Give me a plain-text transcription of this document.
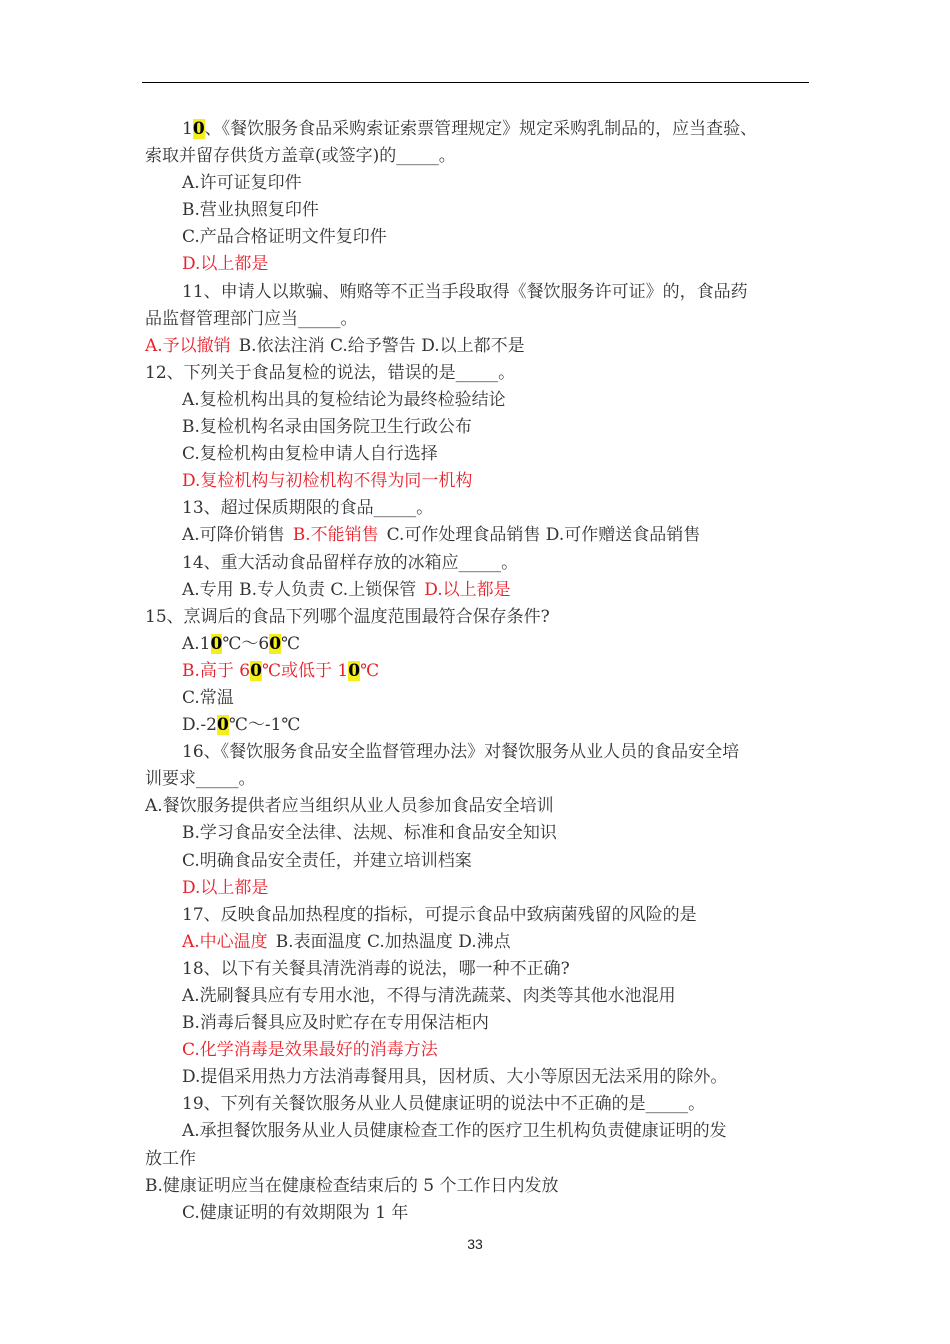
10、《餐饮服务食品采购索证索票管理规定》规定采购乳制品的，应当查验、
索取并留存供货方盖章(或签字)的_____。
A.许可证复印件
B.营业执照复印件
C.产品合格证明文件复印件
D.以上都是
11、申请人以欺骗、贿赂等不正当手段取得《餐饮服务许可证》的，食品药
品监督管理部门应当_____。
A.予以撤销 B.依法注消 C.给予警告 D.以上都不是
12、下列关于食品复检的说法，错误的是_____。
A.复检机构出具的复检结论为最终检验结论
B.复检机构名录由国务院卫生行政公布
C.复检机构由复检申请人自行选择
D.复检机构与初检机构不得为同一机构
13、超过保质期限的食品_____。
A.可降价销售 B.不能销售 C.可作处理食品销售 D.可作赠送食品销售
14、重大活动食品留样存放的冰箱应_____。
A.专用 B.专人负责 C.上锁保管 D.以上都是
15、烹调后的食品下列哪个温度范围最符合保存条件?
A.10℃～60℃
B.高于 60℃或低于 10℃
C.常温
D.-20℃～-1℃
16、《餐饮服务食品安全监督管理办法》对餐饮服务从业人员的食品安全培
训要求_____。
A.餐饮服务提供者应当组织从业人员参加食品安全培训
B.学习食品安全法律、法规、标准和食品安全知识
C.明确食品安全责任，并建立培训档案
D.以上都是
17、反映食品加热程度的指标，可提示食品中致病菌残留的风险的是
A.中心温度 B.表面温度 C.加热温度 D.沸点
18、以下有关餐具清洗消毒的说法，哪一种不正确?
A.洗刷餐具应有专用水池，不得与清洗蔬菜、肉类等其他水池混用
B.消毒后餐具应及时贮存在专用保洁柜内
C.化学消毒是效果最好的消毒方法
D.提倡采用热力方法消毒餐用具，因材质、大小等原因无法采用的除外。
19、下列有关餐饮服务从业人员健康证明的说法中不正确的是_____。
A.承担餐饮服务从业人员健康检查工作的医疗卫生机构负责健康证明的发
放工作
B.健康证明应当在健康检查结束后的 5 个工作日内发放
C.健康证明的有效期限为 1 年
33
